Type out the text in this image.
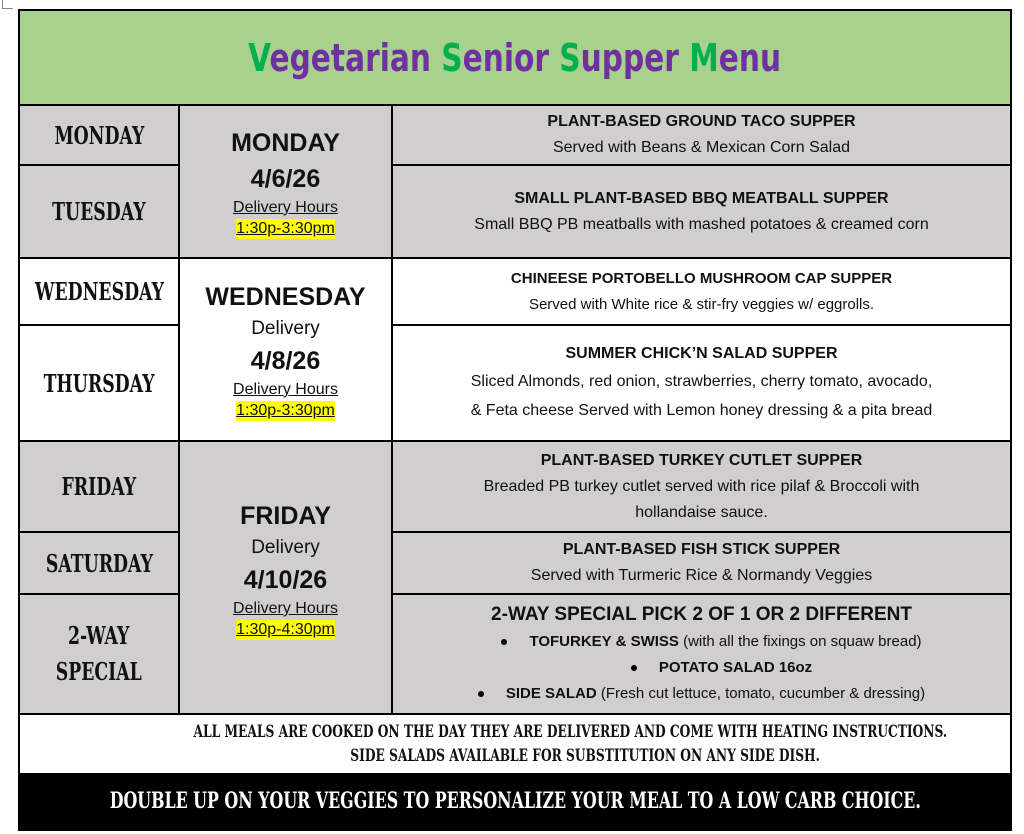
Vegetarian Senior Supper Menu
MONDAY
TUESDAY
WEDNESDAY
THURSDAY
FRIDAY
SATURDAY
2-WAY
SPECIAL
MONDAY
4/6/26
Delivery Hours
1:30p-3:30pm
WEDNESDAY
Delivery
4/8/26
Delivery Hours
1:30p-3:30pm
FRIDAY
Delivery
4/10/26
Delivery Hours
1:30p-4:30pm
PLANT-BASED GROUND TACO SUPPER
Served with Beans & Mexican Corn Salad
SMALL PLANT-BASED BBQ MEATBALL SUPPER
Small BBQ PB meatballs with mashed potatoes & creamed corn
CHINEESE PORTOBELLO MUSHROOM CAP SUPPER
Served with White rice & stir-fry veggies w/ eggrolls.
SUMMER CHICK’N SALAD SUPPER
Sliced Almonds, red onion, strawberries, cherry tomato, avocado,
& Feta cheese Served with Lemon honey dressing & a pita bread
PLANT-BASED TURKEY CUTLET SUPPER
Breaded PB turkey cutlet served with rice pilaf & Broccoli with
hollandaise sauce.
PLANT-BASED FISH STICK SUPPER
Served with Turmeric Rice & Normandy Veggies
2-WAY SPECIAL PICK 2 OF 1 OR 2 DIFFERENT
TOFURKEY & SWISS (with all the fixings on squaw bread)
POTATO SALAD 16oz
SIDE SALAD (Fresh cut lettuce, tomato, cucumber & dressing)
ALL MEALS ARE COOKED ON THE DAY THEY ARE DELIVERED AND COME WITH HEATING INSTRUCTIONS.
SIDE SALADS AVAILABLE FOR SUBSTITUTION ON ANY SIDE DISH.
DOUBLE UP ON YOUR VEGGIES TO PERSONALIZE YOUR MEAL TO A LOW CARB CHOICE.
